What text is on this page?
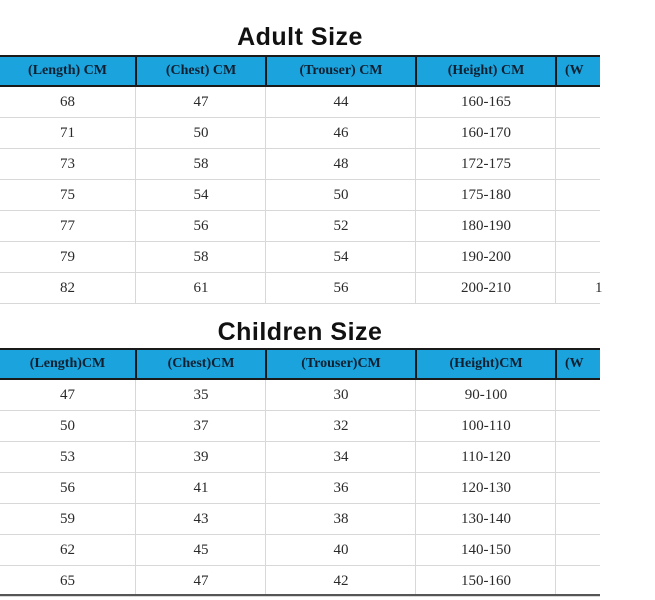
Adult Size
(Length) CM	(Chest) CM	(Trouser) CM	(Height) CM	(W
68	47	44	160-165
71	50	46	160-170
73	58	48	172-175
75	54	50	175-180
77	56	52	180-190
79	58	54	190-200
82	61	56	200-210	1
Children Size
(Length)CM	(Chest)CM	(Trouser)CM	(Height)CM	(W
47	35	30	90-100
50	37	32	100-110
53	39	34	110-120
56	41	36	120-130
59	43	38	130-140
62	45	40	140-150
65	47	42	150-160
